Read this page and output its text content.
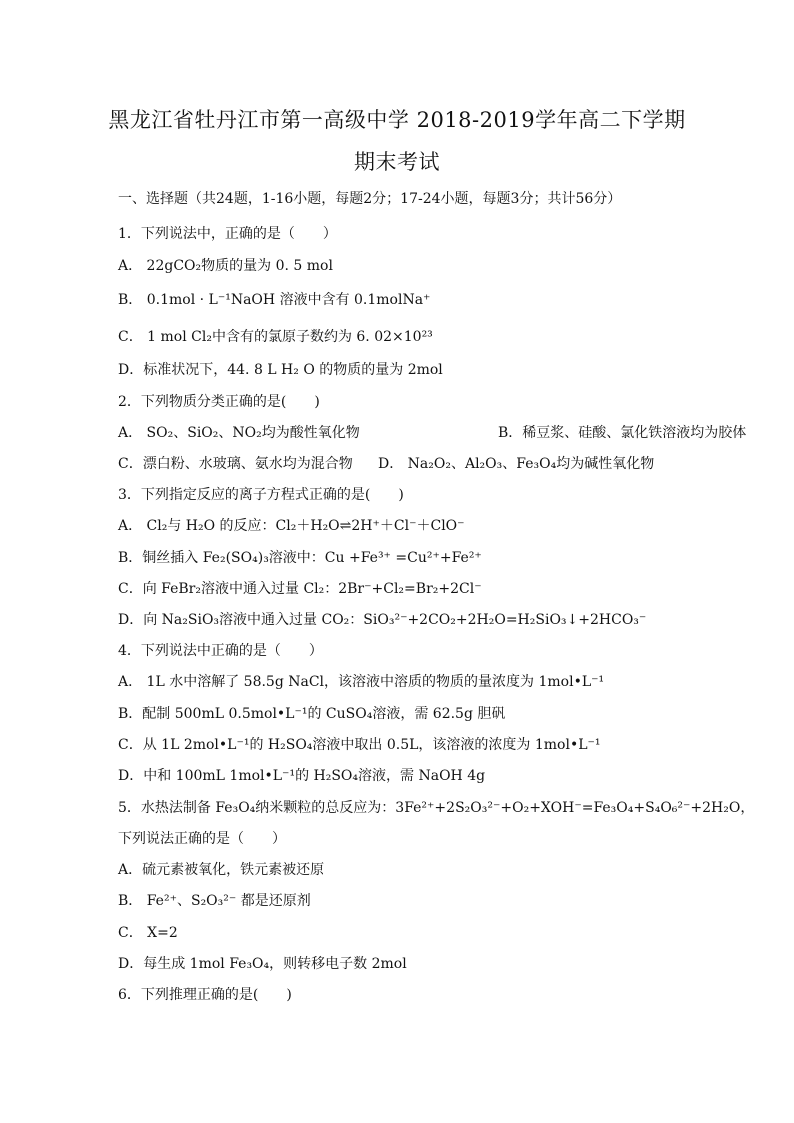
黑龙江省牡丹江市第一高级中学 2018-2019学年高二下学期
期末考试
一、选择题（共24题，1-16小题，每题2分；17-24小题，每题3分；共计56分）
1．下列说法中，正确的是（　　）
A． 22gCO₂物质的量为 0. 5 mol
B． 0.1mol · L⁻¹NaOH 溶液中含有 0.1molNa⁺
C． 1 mol Cl₂中含有的氯原子数约为 6. 02×10²³
D．标准状况下，44. 8 L H₂ O 的物质的量为 2mol
2．下列物质分类正确的是(　　)
A． SO₂、SiO₂、NO₂均为酸性氧化物	B．稀豆浆、硅酸、氯化铁溶液均为胶体
C．漂白粉、水玻璃、氨水均为混合物 D． Na₂O₂、Al₂O₃、Fe₃O₄均为碱性氧化物
3．下列指定反应的离子方程式正确的是(　　)
A． Cl₂与 H₂O 的反应：Cl₂＋H₂O⇌2H⁺＋Cl⁻＋ClO⁻
B．铜丝插入 Fe₂(SO₄)₃溶液中：Cu +Fe³⁺ =Cu²⁺+Fe²⁺
C．向 FeBr₂溶液中通入过量 Cl₂：2Br⁻+Cl₂=Br₂+2Cl⁻
D．向 Na₂SiO₃溶液中通入过量 CO₂：SiO₃²⁻+2CO₂+2H₂O=H₂SiO₃↓+2HCO₃⁻
4．下列说法中正确的是（　　）
A． 1L 水中溶解了 58.5g NaCl，该溶液中溶质的物质的量浓度为 1mol•L⁻¹
B．配制 500mL 0.5mol•L⁻¹的 CuSO₄溶液，需 62.5g 胆矾
C．从 1L 2mol•L⁻¹的 H₂SO₄溶液中取出 0.5L，该溶液的浓度为 1mol•L⁻¹
D．中和 100mL 1mol•L⁻¹的 H₂SO₄溶液，需 NaOH 4g
5．水热法制备 Fe₃O₄纳米颗粒的总反应为：3Fe²⁺+2S₂O₃²⁻+O₂+XOH⁻=Fe₃O₄+S₄O₆²⁻+2H₂O，
下列说法正确的是（　　）
A．硫元素被氧化，铁元素被还原
B． Fe²⁺、S₂O₃²⁻ 都是还原剂
C． X=2
D．每生成 1mol Fe₃O₄，则转移电子数 2mol
6．下列推理正确的是(　　)
